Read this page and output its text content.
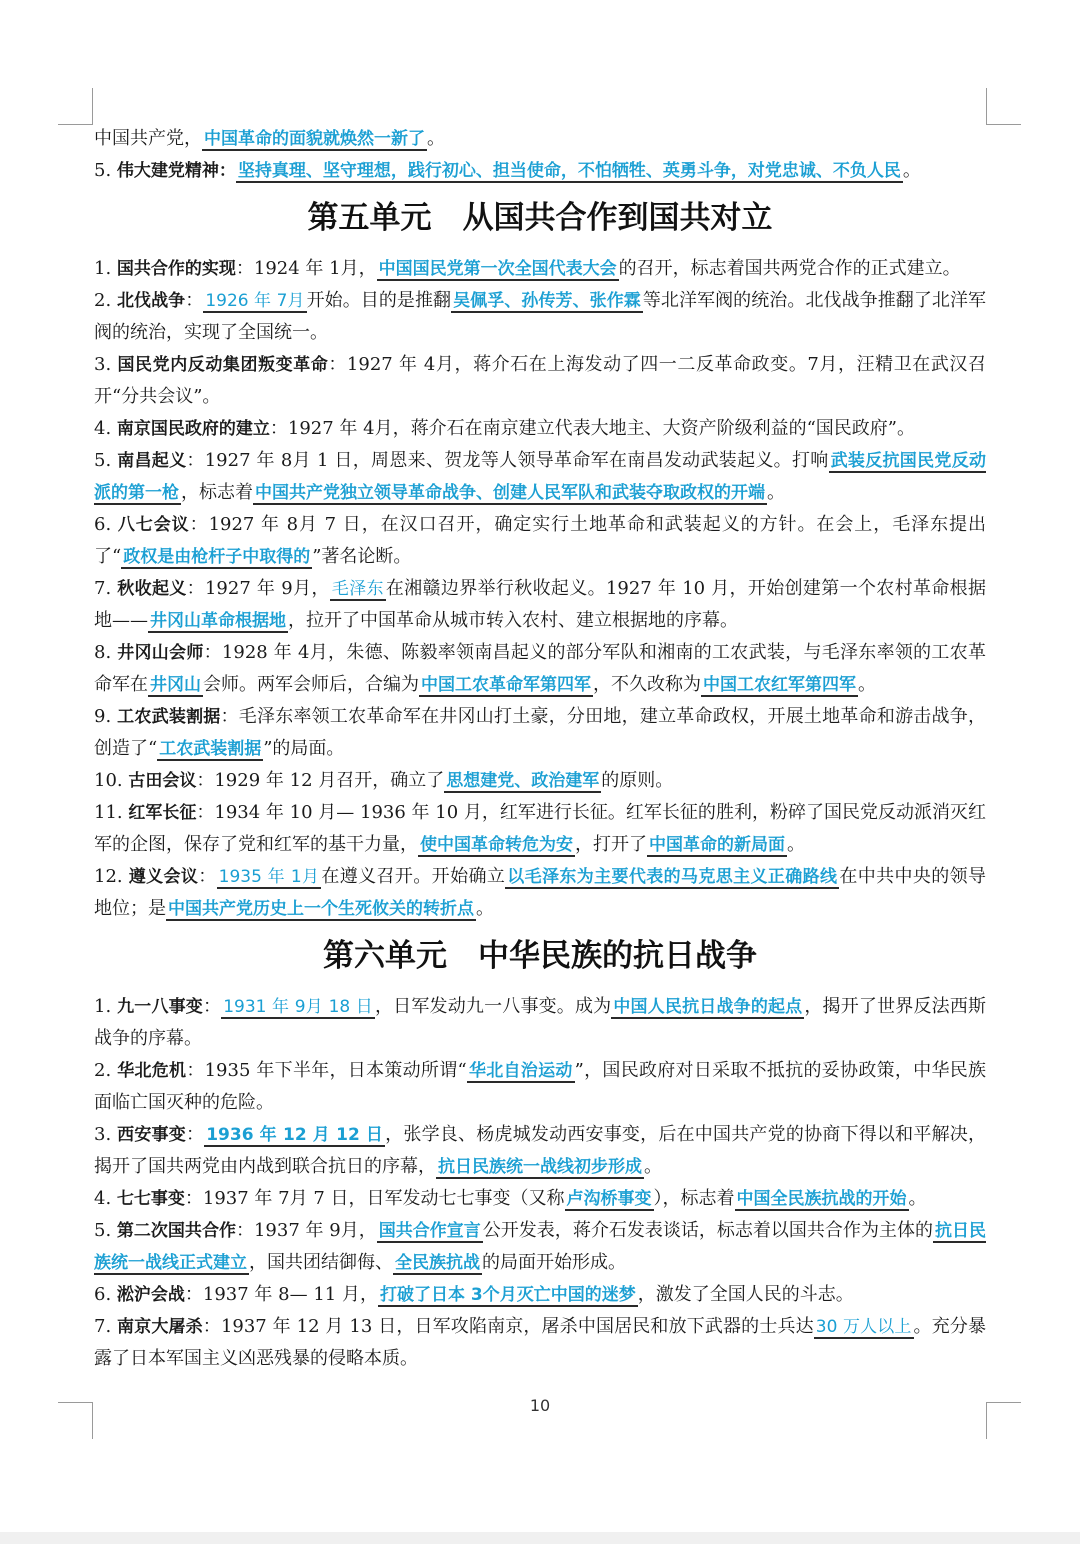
中国共产党， 中国革命的面貌就焕然一新了 。

5. 伟大建党精神： 坚持真理、坚守理想，践行初心、担当使命，不怕牺牲、英勇斗争，对党忠诚、不负人民 。

第五单元　从国共合作到国共对立

1. 国共合作的实现：1924 年 1月， 中国国民党第一次全国代表大会 的召开，标志着国共两党合作的正式建立。

2. 北伐战争： 1926 年 7月 开始。目的是推翻 吴佩孚、孙传芳、张作霖 等北洋军阀的统治。北伐战争推翻了北洋军阀的统治，实现了全国统一。

3. 国民党内反动集团叛变革命：1927 年 4月，蒋介石在上海发动了四一二反革命政变。7月，汪精卫在武汉召开“分共会议”。

4. 南京国民政府的建立：1927 年 4月，蒋介石在南京建立代表大地主、大资产阶级利益的“国民政府”。

5. 南昌起义：1927 年 8月 1 日，周恩来、贺龙等人领导革命军在南昌发动武装起义。打响 武装反抗国民党反动派的第一枪 ，标志着 中国共产党独立领导革命战争、创建人民军队和武装夺取政权的开端 。

6. 八七会议：1927 年 8月 7 日，在汉口召开，确定实行土地革命和武装起义的方针。在会上，毛泽东提出了“ 政权是由枪杆子中取得的 ”著名论断。

7. 秋收起义：1927 年 9月， 毛泽东 在湘赣边界举行秋收起义。1927 年 10 月，开始创建第一个农村革命根据地—— 井冈山革命根据地 ，拉开了中国革命从城市转入农村、建立根据地的序幕。

8. 井冈山会师：1928 年 4月，朱德、陈毅率领南昌起义的部分军队和湘南的工农武装，与毛泽东率领的工农革命军在 井冈山 会师。两军会师后，合编为 中国工农革命军第四军 ，不久改称为 中国工农红军第四军 。

9. 工农武装割据：毛泽东率领工农革命军在井冈山打土豪，分田地，建立革命政权，开展土地革命和游击战争，创造了“ 工农武装割据 ”的局面。

10. 古田会议：1929 年 12 月召开，确立了 思想建党、政治建军 的原则。

11. 红军长征：1934 年 10 月— 1936 年 10 月，红军进行长征。红军长征的胜利，粉碎了国民党反动派消灭红军的企图，保存了党和红军的基干力量， 使中国革命转危为安 ，打开了 中国革命的新局面 。

12. 遵义会议： 1935 年 1月 在遵义召开。开始确立 以毛泽东为主要代表的马克思主义正确路线 在中共中央的领导地位；是 中国共产党历史上一个生死攸关的转折点 。

第六单元　中华民族的抗日战争

1. 九一八事变： 1931 年 9月 18 日 ，日军发动九一八事变。成为 中国人民抗日战争的起点 ，揭开了世界反法西斯战争的序幕。

2. 华北危机：1935 年下半年，日本策动所谓“ 华北自治运动 ”，国民政府对日采取不抵抗的妥协政策，中华民族面临亡国灭种的危险。

3. 西安事变： 1936 年 12 月 12 日 ，张学良、杨虎城发动西安事变，后在中国共产党的协商下得以和平解决，揭开了国共两党由内战到联合抗日的序幕， 抗日民族统一战线初步形成 。

4. 七七事变：1937 年 7月 7 日，日军发动七七事变（又称 卢沟桥事变 ），标志着 中国全民族抗战的开始 。

5. 第二次国共合作：1937 年 9月， 国共合作宣言 公开发表，蒋介石发表谈话，标志着以国共合作为主体的 抗日民族统一战线正式建立 ，国共团结御侮、 全民族抗战 的局面开始形成。

6. 淞沪会战：1937 年 8— 11 月， 打破了日本 3个月灭亡中国的迷梦 ，激发了全国人民的斗志。

7. 南京大屠杀：1937 年 12 月 13 日，日军攻陷南京，屠杀中国居民和放下武器的士兵达 30 万人以上 。充分暴露了日本军国主义凶恶残暴的侵略本质。

10
